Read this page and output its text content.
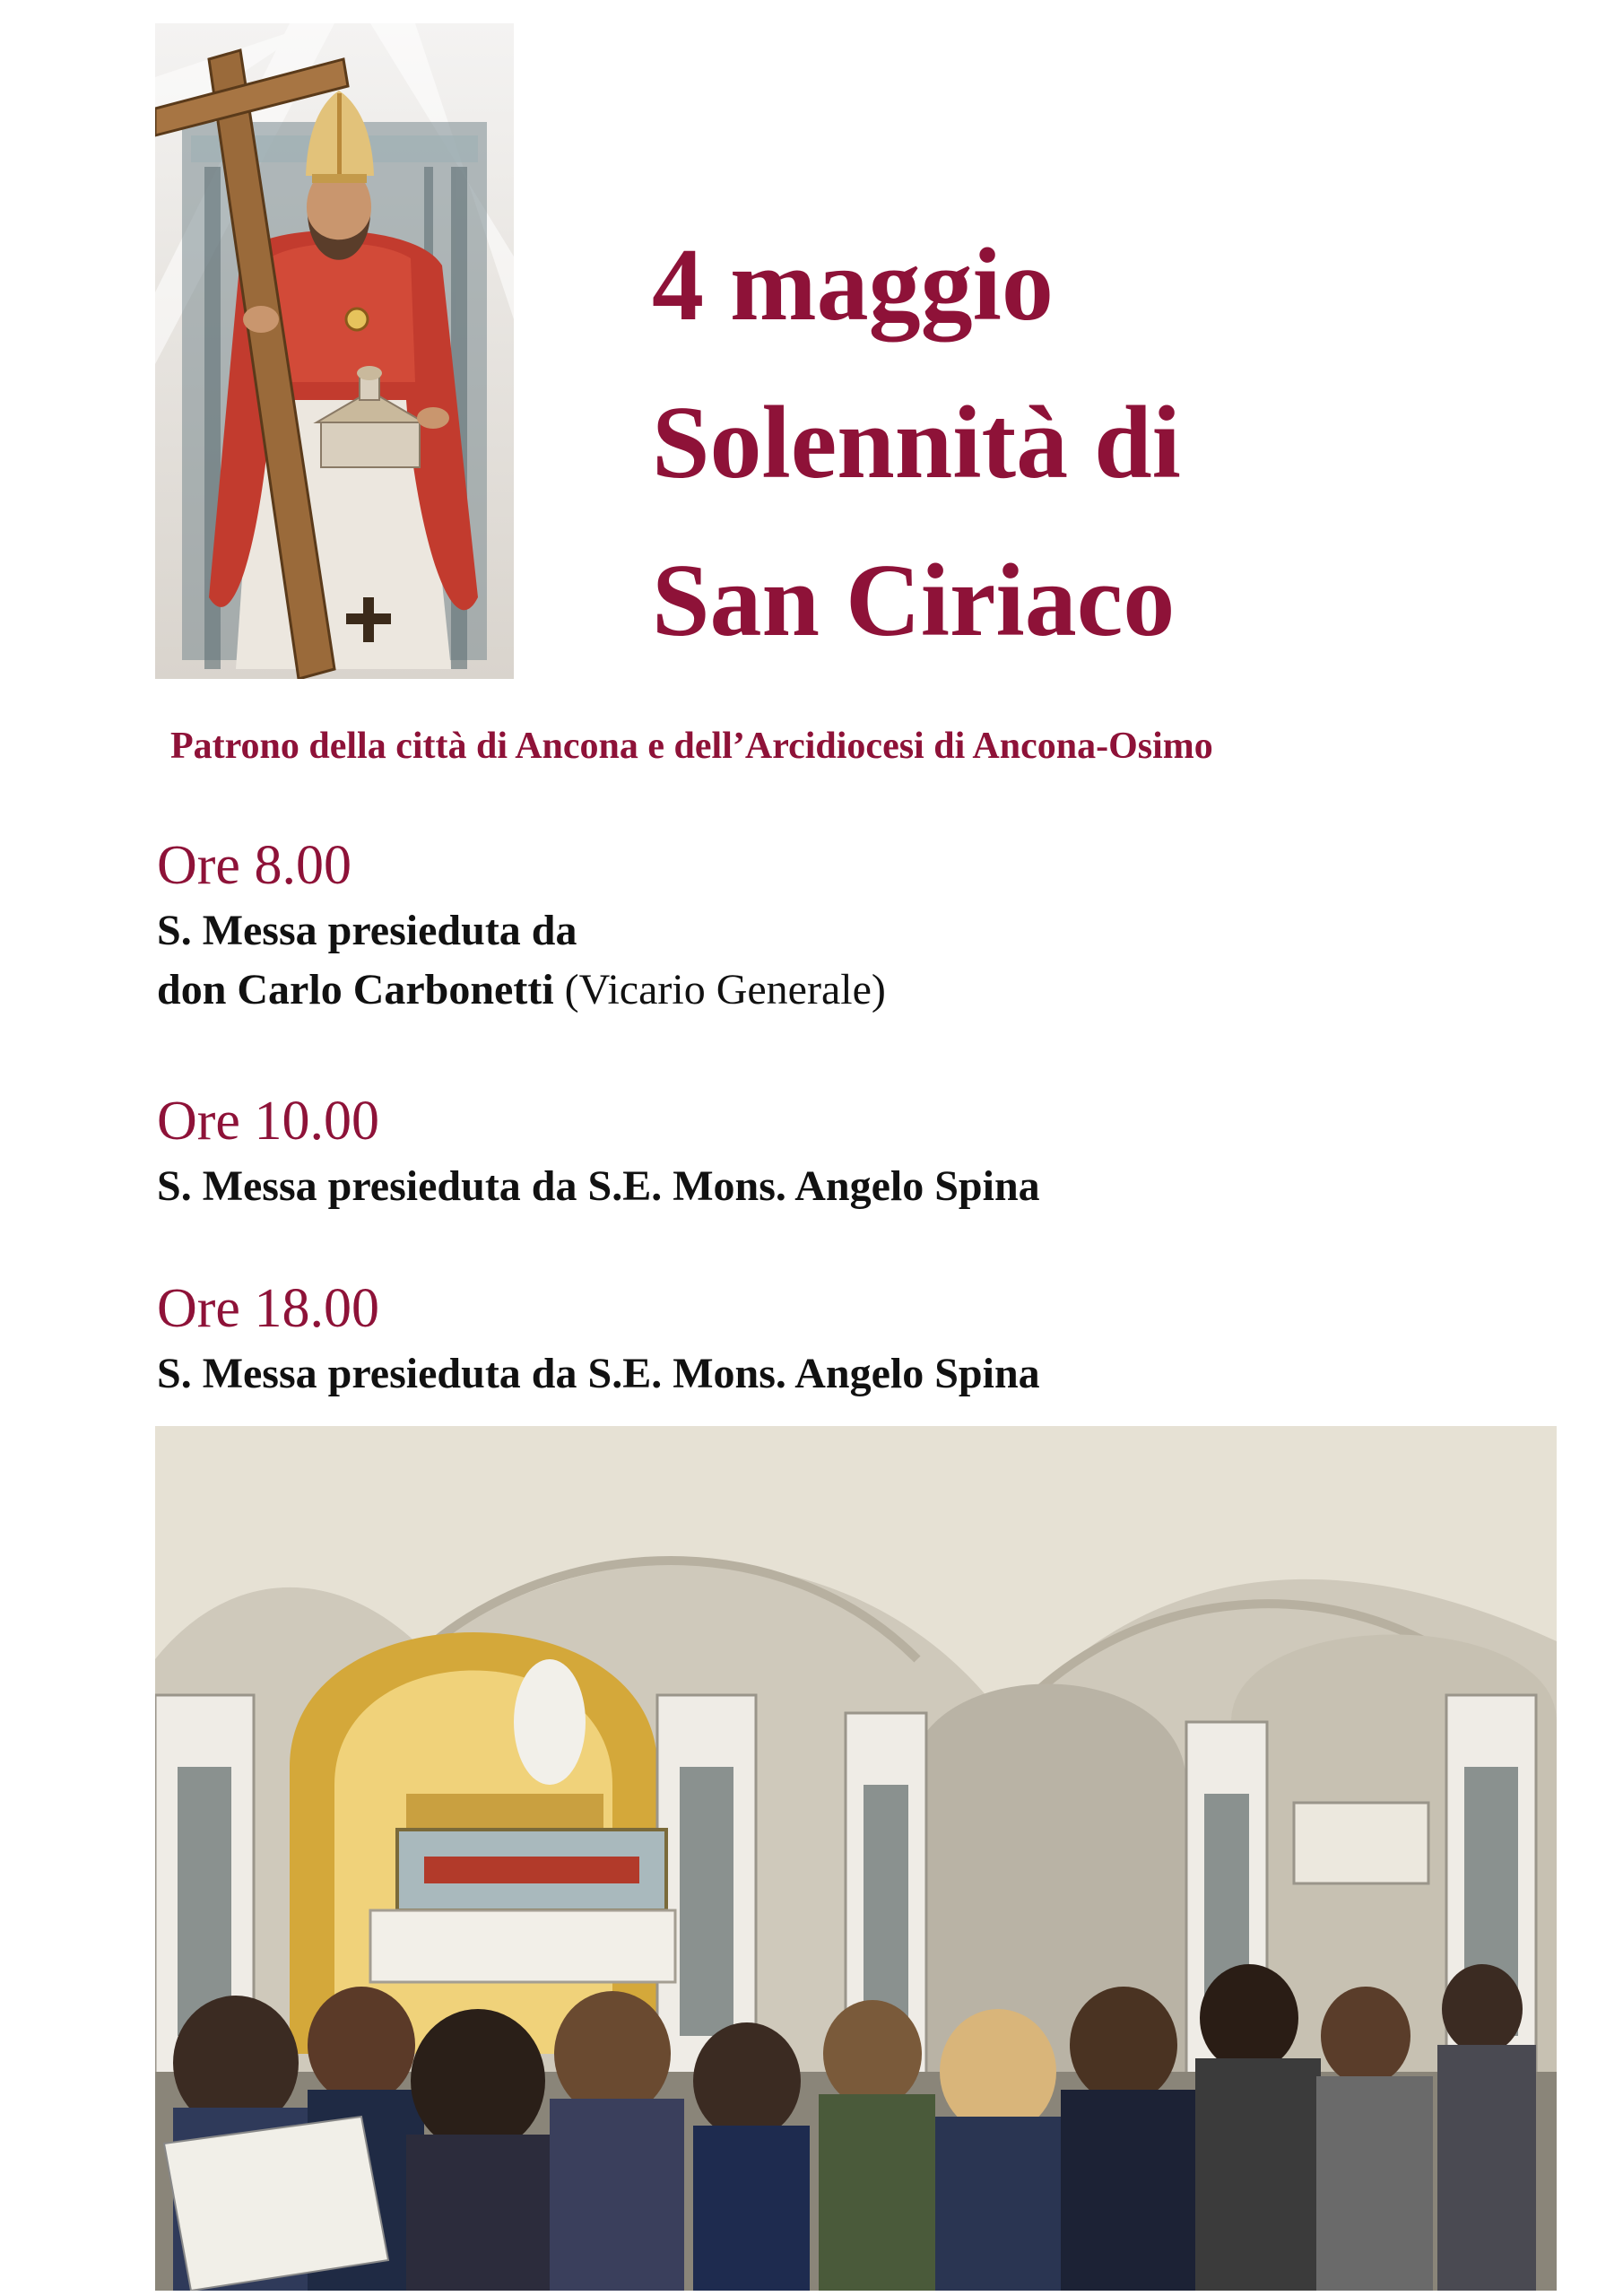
4 maggio
Solennità di
San Ciriaco
Patrono della città di Ancona e dell’Arcidiocesi di Ancona-Osimo
Ore 8.00
S. Messa presieduta da
don Carlo Carbonetti (Vicario Generale)
Ore 10.00
S. Messa presieduta da S.E. Mons. Angelo Spina
Ore 18.00
S. Messa presieduta da S.E. Mons. Angelo Spina
